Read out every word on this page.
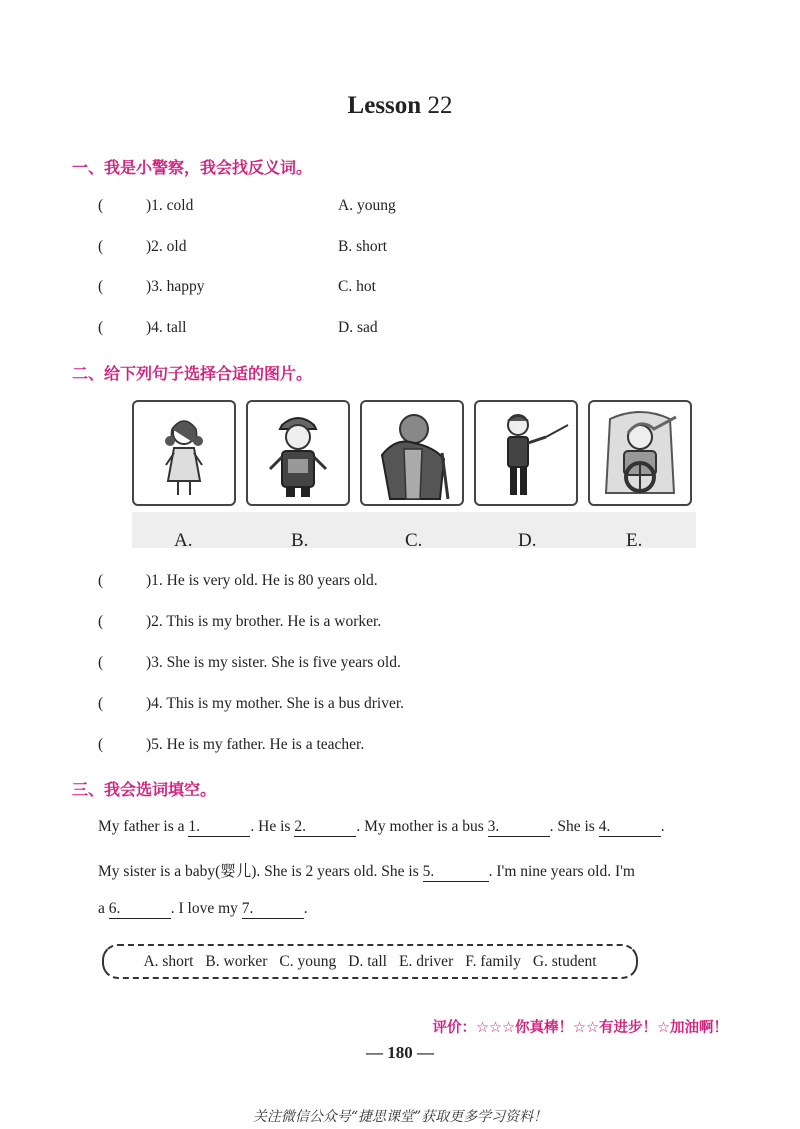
Lesson 22
一、我是小警察，我会找反义词。
(	)1. cold	A. young
(	)2. old	B. short
(	)3. happy	C. hot
(	)4. tall	D. sad
二、给下列句子选择合适的图片。
A.	B.	C.	D.	E.
(	)1. He is very old. He is 80 years old.
(	)2. This is my brother. He is a worker.
(	)3. She is my sister. She is five years old.
(	)4. This is my mother. She is a bus driver.
(	)5. He is my father. He is a teacher.
三、我会选词填空。
My father is a 1.	. He is 2.	. My mother is a bus 3.	. She is 4.	.
My sister is a baby(婴儿). She is 2 years old. She is 5.	. I'm nine years old. I'm
a 6.	. I love my 7.	.
A. short B. worker C. young D. tall E. driver F. family G. student
评价：☆☆☆你真棒！☆☆有进步！☆加油啊！
— 180 —
关注微信公众号“捷思课堂”获取更多学习资料！
